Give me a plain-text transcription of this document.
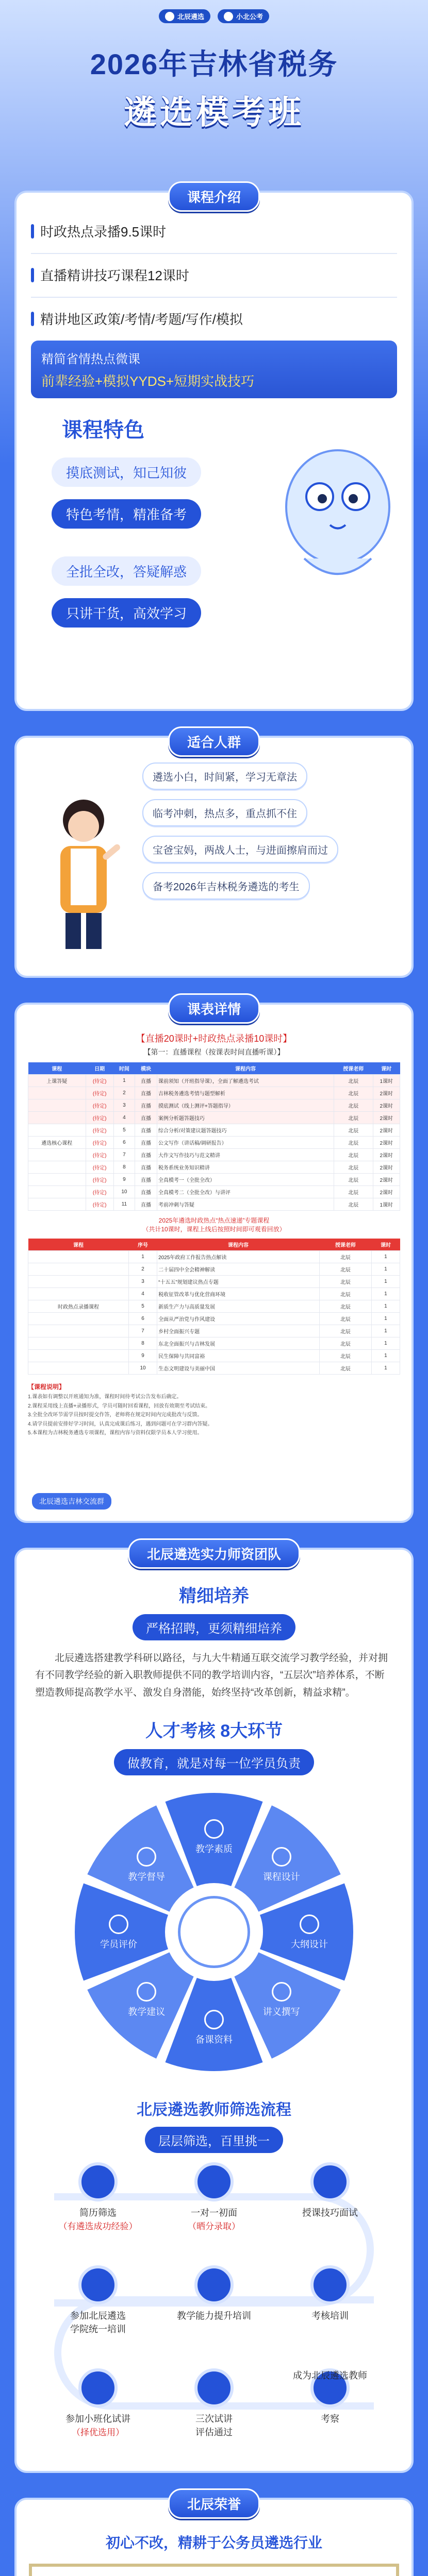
北辰遴选	小北公考
2026年吉林省税务
遴选模考班
课程介绍
时政热点录播9.5课时
直播精讲技巧课程12课时
精讲地区政策/考情/考题/写作/模拟
精简省情热点微课
前辈经验+模拟YYDS+短期实战技巧
课程特色
摸底测试，知己知彼
特色考情，精准备考
全批全改，答疑解惑
只讲干货，高效学习
适合人群
遴选小白，时间紧，学习无章法
临考冲刺，热点多，重点抓不住
宝爸宝妈，两战人士，与进面擦肩而过
备考2026年吉林税务遴选的考生
课表详情
【直播20课时+时政热点录播10课时】
【第一：直播课程（按课表时间直播听课）】
课程	日期	时间	模块	课程内容	授课老师	课时
上课答疑	(待定)	1	直播	课前须知（开班指导课），全面了解遴选考试	北辰	1课时
	(待定)	2	直播	吉林税务遴选考情与题型解析	北辰	2课时
	(待定)	3	直播	摸底测试（线上测评+答题指导）	北辰	2课时
	(待定)	4	直播	案例分析题答题技巧	北辰	2课时
	(待定)	5	直播	综合分析/对策建议题答题技巧	北辰	2课时
遴选核心课程	(待定)	6	直播	公文写作（讲话稿/调研报告）	北辰	2课时
	(待定)	7	直播	大作文写作技巧与范文精讲	北辰	2课时
	(待定)	8	直播	税务系统业务知识精讲	北辰	2课时
	(待定)	9	直播	全真模考一（全批全改）	北辰	2课时
	(待定)	10	直播	全真模考二（全批全改）与讲评	北辰	2课时
	(待定)	11	直播	考前冲刺与答疑	北辰	1课时
2025年遴选时政热点“热点速递”专题课程
（共计10课时，课程上线后按照时间即可观看回放）
课程	序号	课程内容	授课老师	课时
	1	2025年政府工作报告热点解读	北辰	1
	2	二十届四中全会精神解读	北辰	1
	3	“十五五”规划建议热点专题	北辰	1
	4	税收征管改革与优化营商环境	北辰	1
时政热点录播课程	5	新质生产力与高质量发展	北辰	1
	6	全面从严治党与作风建设	北辰	1
	7	乡村全面振兴专题	北辰	1
	8	东北全面振兴与吉林发展	北辰	1
	9	民生保障与共同富裕	北辰	1
	10	生态文明建设与美丽中国	北辰	1
【课程说明】
1.课表如有调整以开班通知为准，课程时间待考试公告发布后确定。
2.课程采用线上直播+录播形式，学员可随时回看课程，回放有效期至考试结束。
3.全批全改环节需学员按时提交作答，老师将在规定时间内完成批改与反馈。
4.请学员提前安排好学习时间，认真完成课后练习，遇到问题可在学习群内答疑。
5.本课程为吉林税务遴选专项课程，课程内容与资料仅限学员本人学习使用。
北辰遴选吉林交流群
北辰遴选实力师资团队
精细培养
严格招聘，更须精细培养

北辰遴选搭建教学科研以路径，与九大牛精通互联交流学习教学经验，并对拥有不同教学经验的新入职教师提供不同的教学培训内容，“五层次”培养体系，不断塑造教师提高教学水平、激发自身潜能，始终坚持“改革创新，精益求精”。

人才考核 8大环节
做教育，就是对每一位学员负责
教学素质
课程设计
大纲设计
讲义撰写
备课资料
教学建议
学员评价
教学督导
北辰遴选教师筛选流程
层层筛选，百里挑一
简历筛选
（有遴选成功经验）
一对一初面
（晒分录取）
授课技巧面试
考核培训
教学能力提升培训
参加北辰遴选
学院统一培训
参加小班化试讲
（择优选用）
三次试讲
评估通过
考察
成为北辰遴选教师
北辰荣誉
初心不改，精耕于公务员遴选行业
